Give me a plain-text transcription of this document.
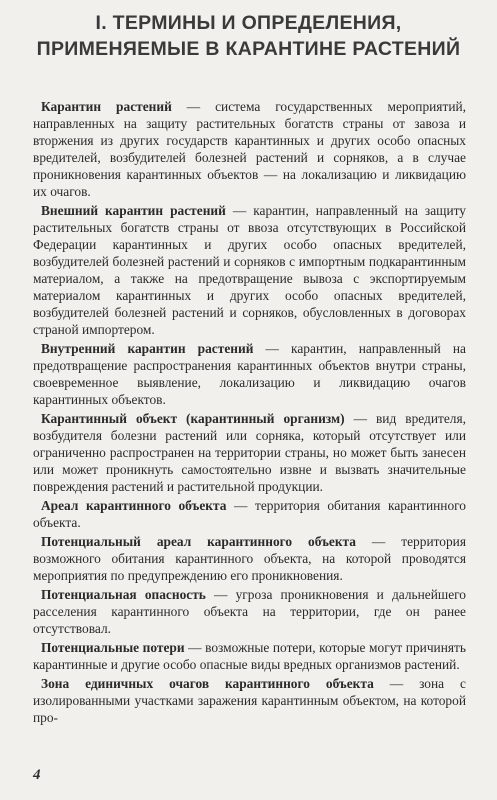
I. ТЕРМИНЫ И ОПРЕДЕЛЕНИЯ,
ПРИМЕНЯЕМЫЕ В КАРАНТИНЕ РАСТЕНИЙ

Карантин растений — система государственных мероприятий, направленных на защиту растительных богатств страны от завоза и вторжения из других государств карантинных и других особо опасных вредителей, возбудителей болезней растений и сорняков, а в случае проникновения карантинных объектов — на локализацию и ликвидацию их очагов.

Внешний карантин растений — карантин, направленный на защиту растительных богатств страны от ввоза отсутствующих в Российской Федерации карантинных и других особо опасных вредителей, возбудителей болезней растений и сорняков с импортным подкарантинным материалом, а также на предотвращение вывоза с экспортируемым материалом карантинных и других особо опасных вредителей, возбудителей болезней растений и сорняков, обусловленных в договорах страной импортером.

Внутренний карантин растений — карантин, направленный на предотвращение распространения карантинных объектов внутри страны, своевременное выявление, локализацию и ликвидацию очагов карантинных объектов.

Карантинный объект (карантинный организм) — вид вредителя, возбудителя болезни растений или сорняка, который отсутствует или ограниченно распространен на территории страны, но может быть занесен или может проникнуть самостоятельно извне и вызвать значительные повреждения растений и растительной продукции.

Ареал карантинного объекта — территория обитания карантинного объекта.

Потенциальный ареал карантинного объекта — территория возможного обитания карантинного объекта, на которой проводятся мероприятия по предупреждению его проникновения.

Потенциальная опасность — угроза проникновения и дальнейшего расселения карантинного объекта на территории, где он ранее отсутствовал.

Потенциальные потери — возможные потери, которые могут причинять карантинные и другие особо опасные виды вредных организмов растений.

Зона единичных очагов карантинного объекта — зона с изолированными участками заражения карантинным объектом, на которой про-

4
